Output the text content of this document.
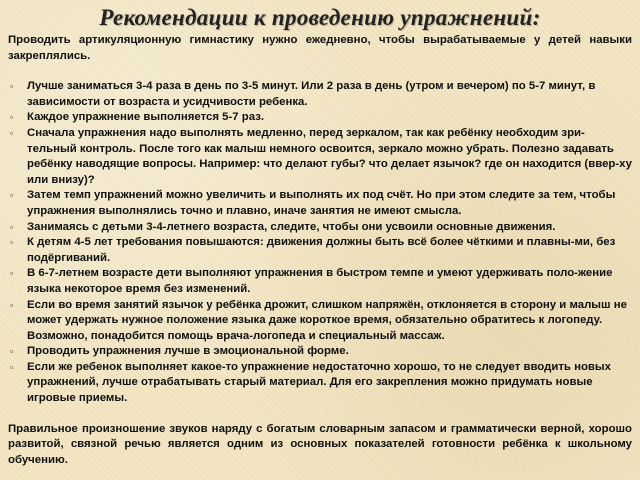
Рекомендации к проведению упражнений:

Проводить артикуляционную гимнастику нужно ежедневно, чтобы вырабатываемые у детей навыки закреплялись.

▫ Лучше заниматься 3-4 раза в день по 3-5 минут. Или 2 раза в день (утром и вечером) по 5-7 минут, в зависимости от возраста и усидчивости ребенка.
▫ Каждое упражнение выполняется 5-7 раз.
▫ Сначала упражнения надо выполнять медленно, перед зеркалом, так как ребёнку необходим зри-тельный контроль. После того как малыш немного освоится, зеркало можно убрать. Полезно задавать ребёнку наводящие вопросы. Например: что делают губы? что делает язычок? где он находится (ввер-ху или внизу)?
▫ Затем темп упражнений можно увеличить и выполнять их под счёт. Но при этом следите за тем, чтобы упражнения выполнялись точно и плавно, иначе занятия не имеют смысла.
▫ Занимаясь с детьми 3-4-летнего возраста, следите, чтобы они усвоили основные движения.
▫ К детям 4-5 лет требования повышаются: движения должны быть всё более чёткими и плавны-ми, без подёргиваний.
▫ В 6-7-летнем возрасте дети выполняют упражнения в быстром темпе и умеют удерживать поло-жение языка некоторое время без изменений.
▫ Если во время занятий язычок у ребёнка дрожит, слишком напряжён, отклоняется в сторону и малыш не может удержать нужное положение языка даже короткое время, обязательно обратитесь к логопеду. Возможно, понадобится помощь врача-логопеда и специальный массаж.
▫ Проводить упражнения лучше в эмоциональной форме.
▫ Если же ребенок выполняет какое-то упражнение недостаточно хорошо, то не следует вводить новых упражнений, лучше отрабатывать старый материал. Для его закрепления можно придумать новые игровые приемы.

Правильное произношение звуков наряду с богатым словарным запасом и грамматически верной, хорошо развитой, связной речью является одним из основных показателей готовности ребёнка к школьному обучению.
